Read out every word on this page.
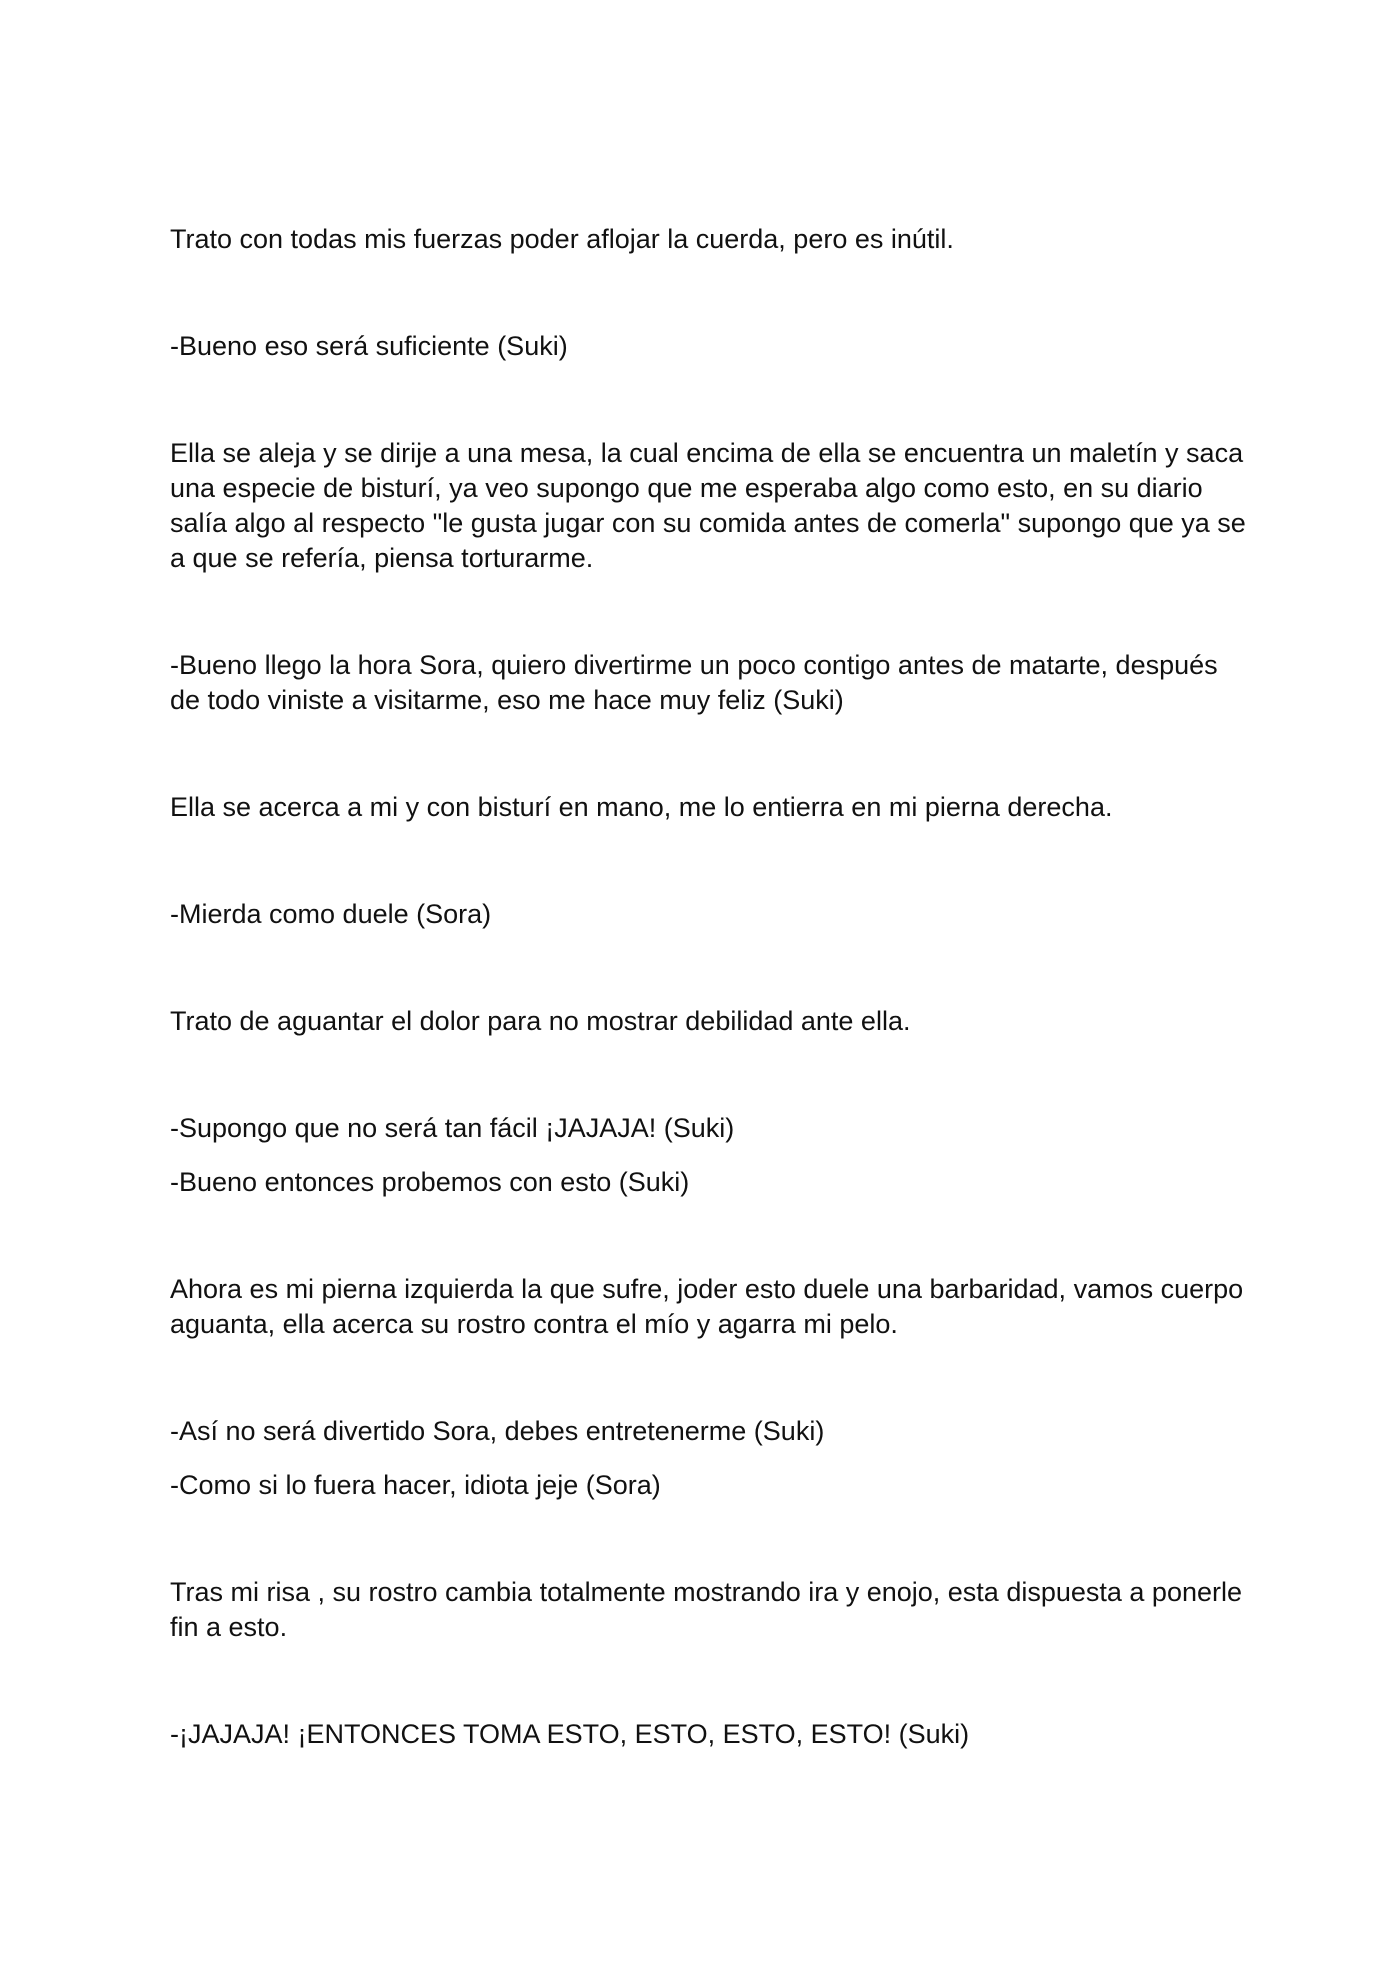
Trato con todas mis fuerzas poder aflojar la cuerda, pero es inútil.

-Bueno eso será suficiente (Suki)

Ella se aleja y se dirije a una mesa, la cual encima de ella se encuentra un maletín y saca una especie de bisturí, ya veo supongo que me esperaba algo como esto, en su diario salía algo al respecto "le gusta jugar con su comida antes de comerla" supongo que ya se a que se refería, piensa torturarme.

-Bueno llego la hora Sora, quiero divertirme un poco contigo antes de matarte, después de todo viniste a visitarme, eso me hace muy feliz (Suki)

Ella se acerca a mi y con bisturí en mano, me lo entierra en mi pierna derecha.

-Mierda como duele (Sora)

Trato de aguantar el dolor para no mostrar debilidad ante ella.

-Supongo que no será tan fácil ¡JAJAJA! (Suki)

-Bueno entonces probemos con esto (Suki)

Ahora es mi pierna izquierda la que sufre, joder esto duele una barbaridad, vamos cuerpo aguanta, ella acerca su rostro contra el mío y agarra mi pelo.

-Así no será divertido Sora, debes entretenerme (Suki)

-Como si lo fuera hacer, idiota jeje (Sora)

Tras mi risa , su rostro cambia totalmente mostrando ira y enojo, esta dispuesta a ponerle fin a esto.

-¡JAJAJA! ¡ENTONCES TOMA ESTO, ESTO, ESTO, ESTO! (Suki)
